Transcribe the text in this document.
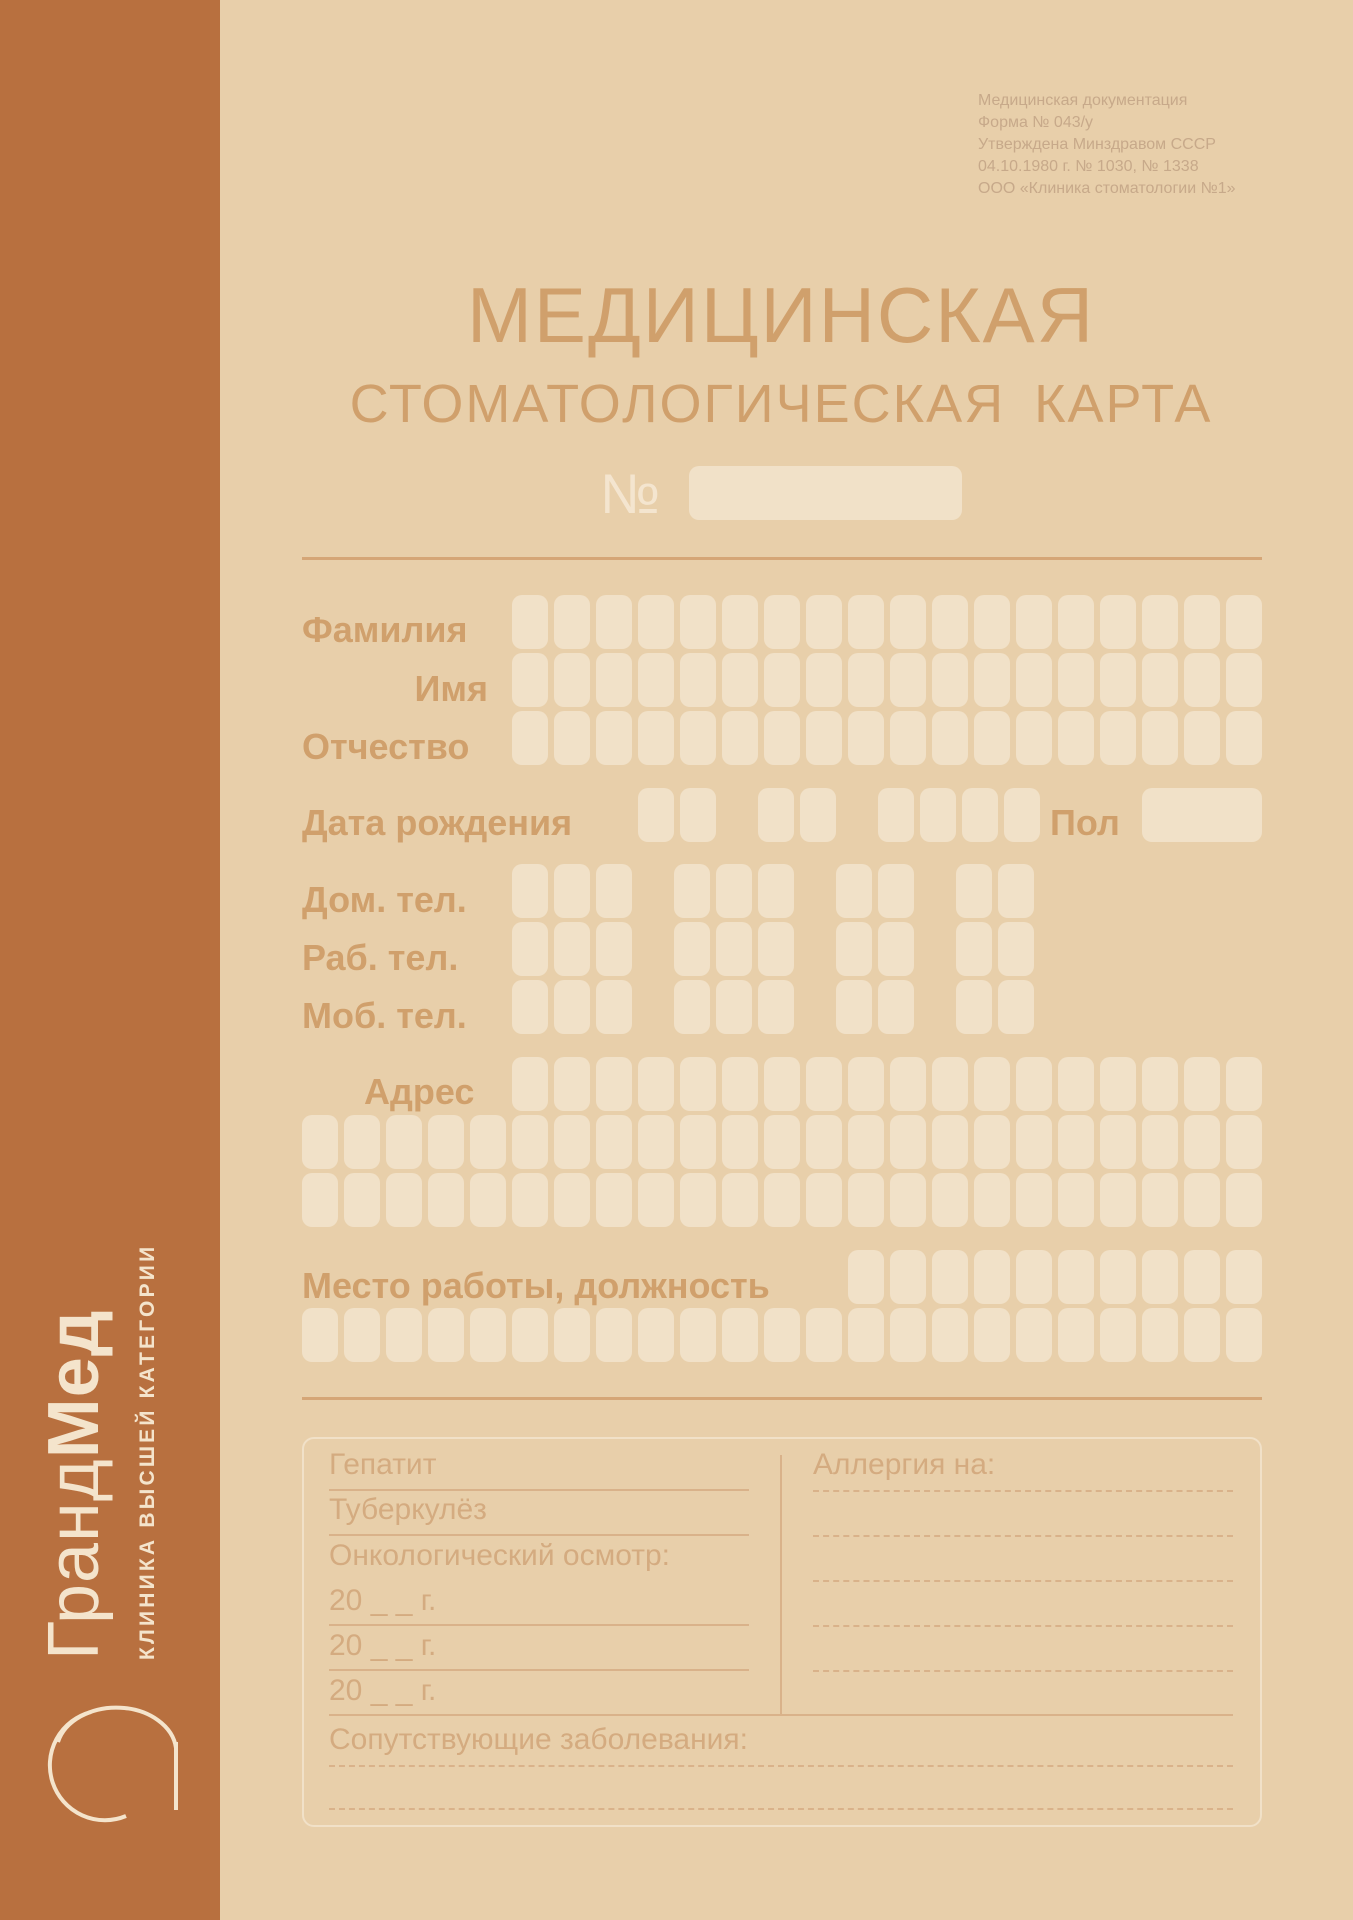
ГрандМед КЛИНИКА ВЫСШЕЙ КАТЕГОРИИ
Медицинская документация
Форма № 043/у
Утверждена Минздравом СССР
04.10.1980 г. № 1030, № 1338
ООО «Клиника стоматологии №1»
МЕДИЦИНСКАЯ
СТОМАТОЛОГИЧЕСКАЯ КАРТА
№
Фамилия
Имя
Отчество
Дата рождения	Пол
Дом. тел.
Раб. тел.
Моб. тел.
Адрес
Место работы, должность
Гепатит
Туберкулёз
Онкологический осмотр:
20 _ _ г.
20 _ _ г.
20 _ _ г.
Аллергия на:
Сопутствующие заболевания:
